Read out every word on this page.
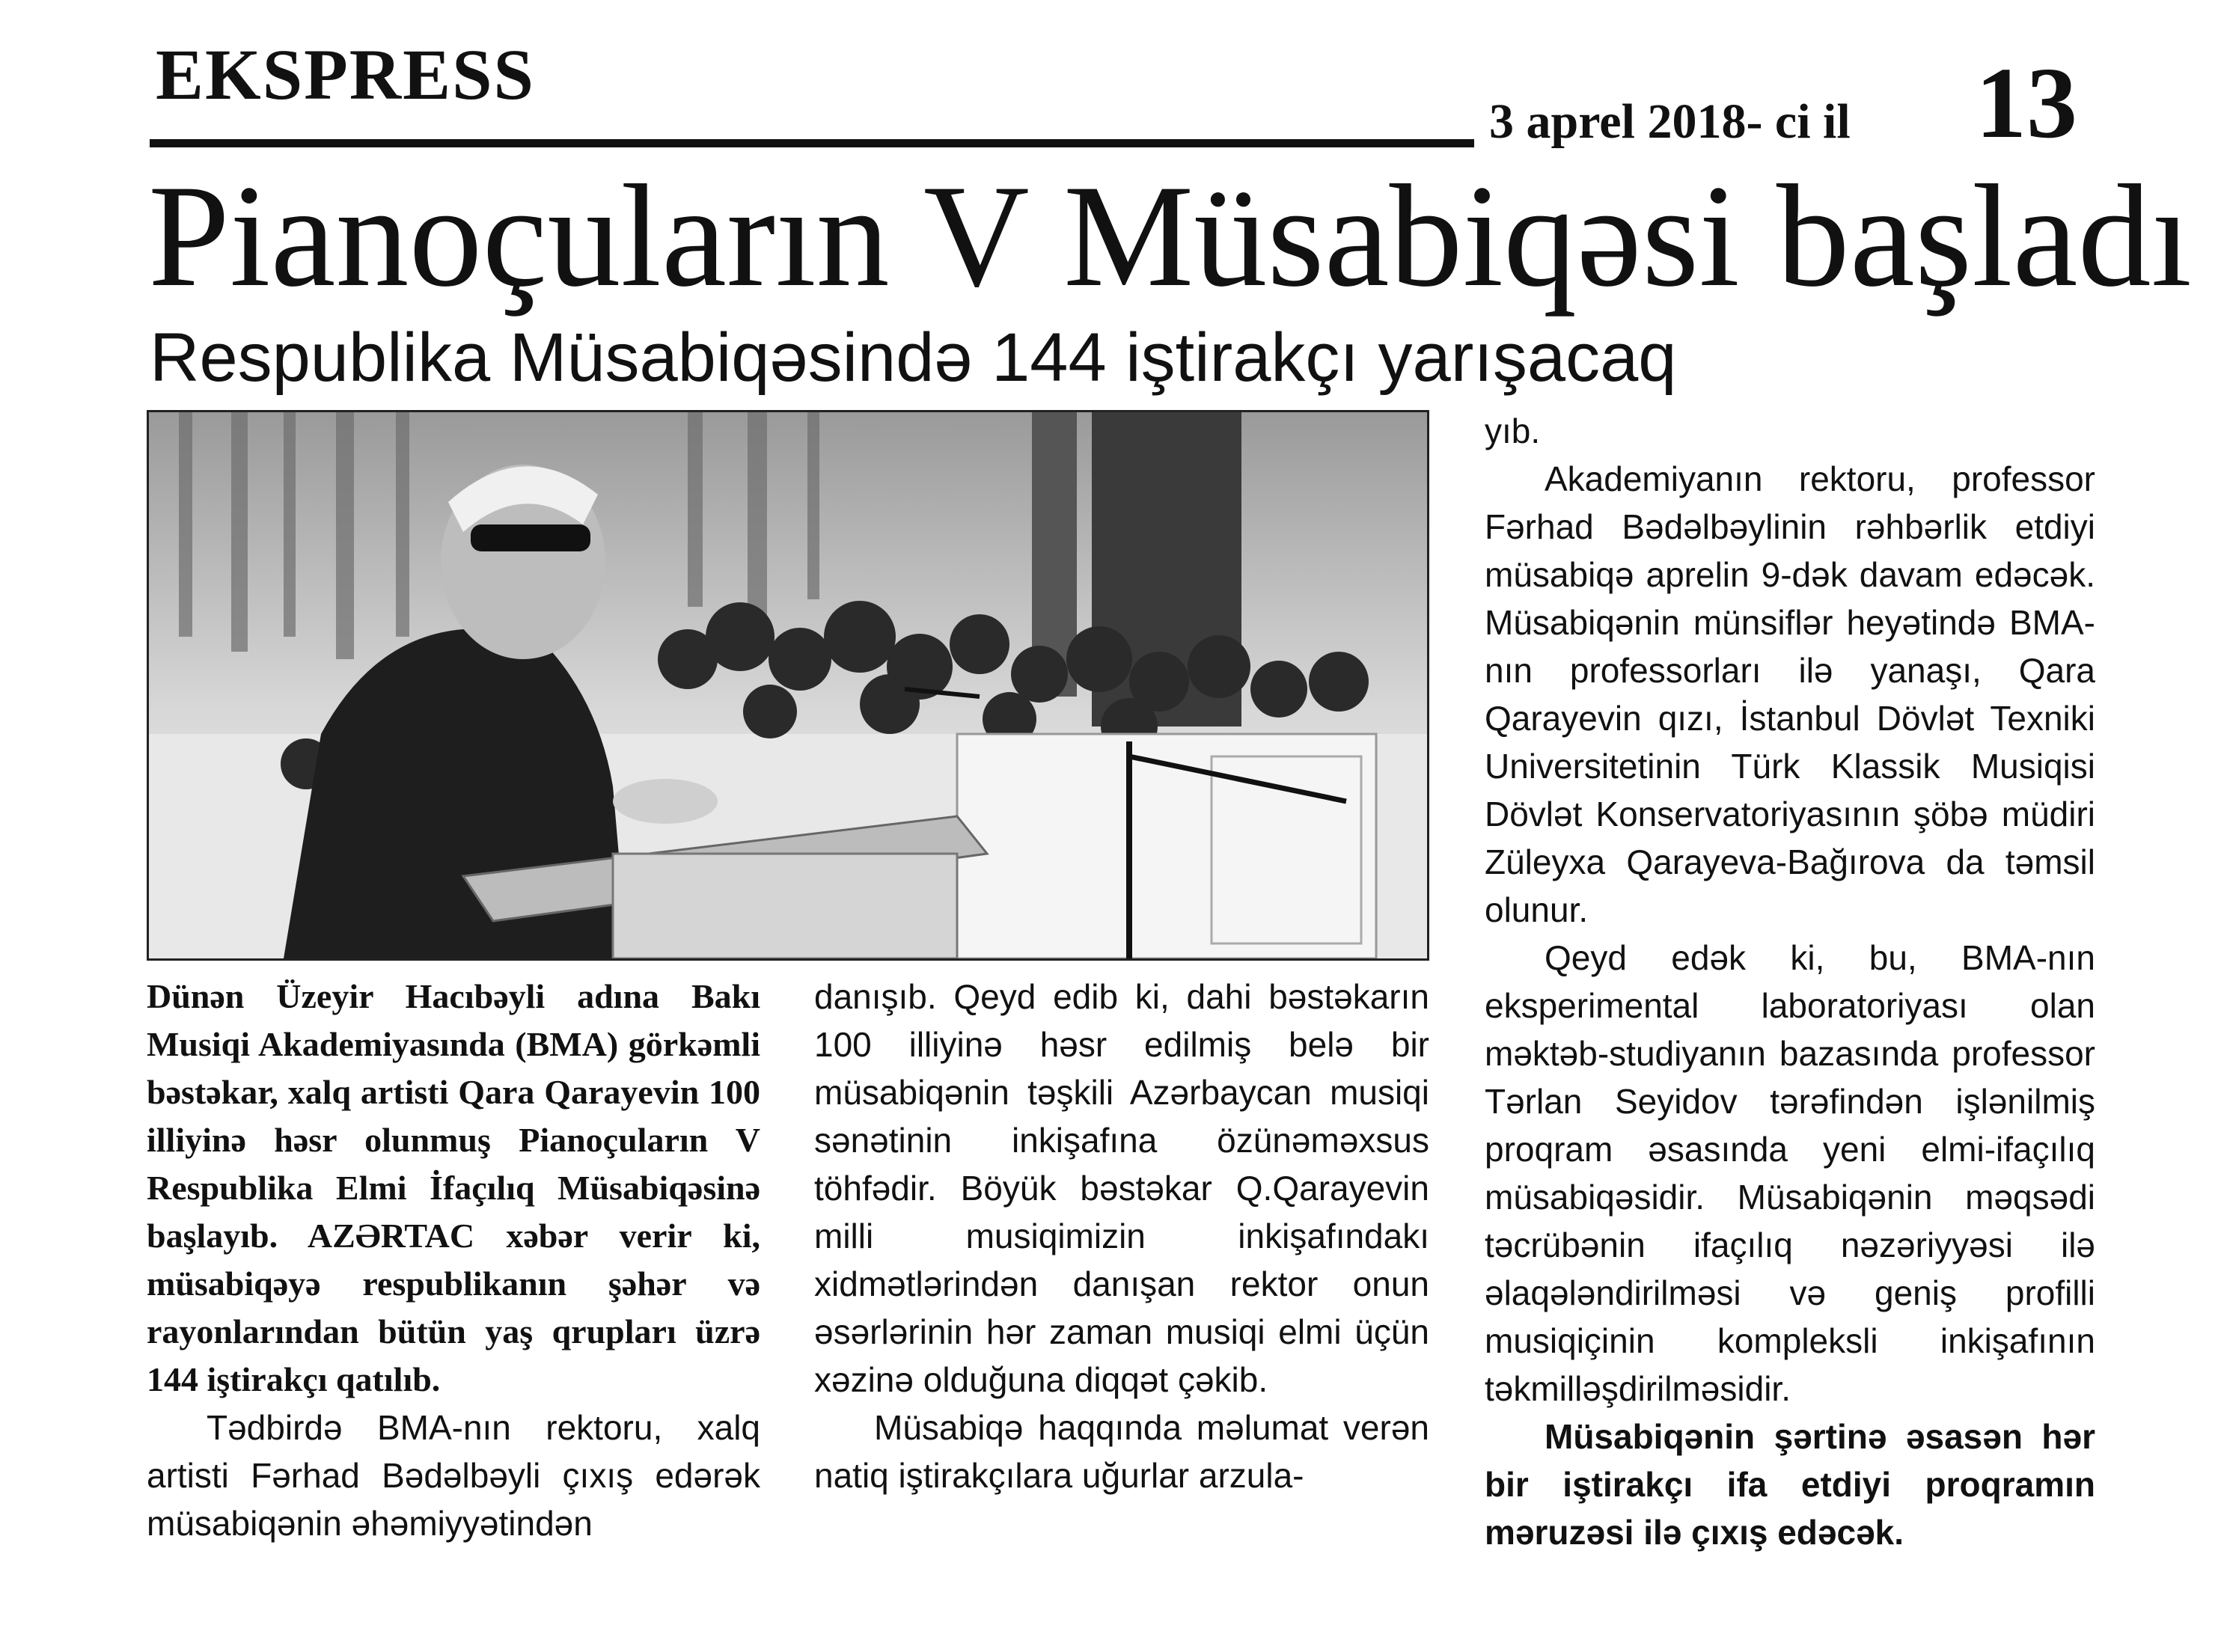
EKSPRESS
3 aprel 2018- ci il 13
Pianoçuların V Müsabiqəsi başladı
Respublika Müsabiqəsində 144 iştirakçı yarışacaq

Dünən Üzeyir Hacıbəyli adına Bakı Musiqi Akademiyasında (BMA) görkəmli bəstəkar, xalq artisti Qara Qarayevin 100 illiyinə həsr olunmuş Pianoçuların V Respublika Elmi İfaçılıq Müsabiqəsinə başlayıb. AZƏRTAC xəbər verir ki, müsabiqəyə respublikanın şəhər və rayonlarından bütün yaş qrupları üzrə 144 iştirakçı qatılıb.

Tədbirdə BMA-nın rektoru, xalq artisti Fərhad Bədəlbəyli çıxış edərək müsabiqənin əhəmiyyətindən

danışıb. Qeyd edib ki, dahi bəstəkarın 100 illiyinə həsr edilmiş belə bir müsabiqənin təşkili Azərbaycan musiqi sənətinin inkişafına özünəməxsus töhfədir. Böyük bəstəkar Q.Qarayevin milli musiqimizin inkişafındakı xidmətlərindən danışan rektor onun əsərlərinin hər zaman musiqi elmi üçün xəzinə olduğuna diqqət çəkib.

Müsabiqə haqqında məlumat verən natiq iştirakçılara uğurlar arzula-

yıb.

Akademiyanın rektoru, professor Fərhad Bədəlbəylinin rəhbərlik etdiyi müsabiqə aprelin 9-dək davam edəcək. Müsabiqənin münsiflər heyətində BMA-nın professorları ilə yanaşı, Qara Qarayevin qızı, İstanbul Dövlət Texniki Universitetinin Türk Klassik Musiqisi Dövlət Konservatoriyasının şöbə müdiri Züleyxa Qarayeva-Bağırova da təmsil olunur.

Qeyd edək ki, bu, BMA-nın eksperimental laboratoriyası olan məktəb-studiyanın bazasında professor Tərlan Seyidov tərəfindən işlənilmiş proqram əsasında yeni elmi-ifaçılıq müsabiqəsidir. Müsabiqənin məqsədi təcrübənin ifaçılıq nəzəriyyəsi ilə əlaqələndirilməsi və geniş profilli musiqiçinin kompleksli inkişafının təkmilləşdirilməsidir.

Müsabiqənin şərtinə əsasən hər bir iştirakçı ifa etdiyi proqramın məruzəsi ilə çıxış edəcək.
